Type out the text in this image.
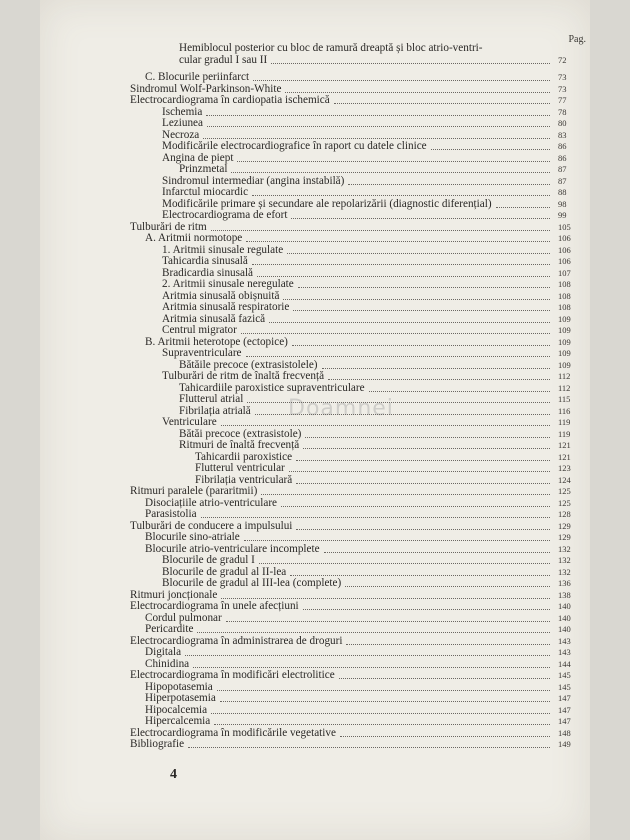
Doamnei
Pag.
Hemiblocul posterior cu bloc de ramură dreaptă și bloc atrio-ventri-
cular gradul I sau II	72
C. Blocurile periinfarct	73
Sindromul Wolf-Parkinson-White	73
Electrocardiograma în cardiopatia ischemică	77
Ischemia	78
Leziunea	80
Necroza	83
Modificările electrocardiografice în raport cu datele clinice	86
Angina de piept	86
Prinzmetal	87
Sindromul intermediar (angina instabilă)	87
Infarctul miocardic	88
Modificările primare și secundare ale repolarizării (diagnostic diferențial)	98
Electrocardiograma de efort	99
Tulburări de ritm	105
A. Aritmii normotope	106
1. Aritmii sinusale regulate	106
Tahicardia sinusală	106
Bradicardia sinusală	107
2. Aritmii sinusale neregulate	108
Aritmia sinusală obișnuită	108
Aritmia sinusală respiratorie	108
Aritmia sinusală fazică	109
Centrul migrator	109
B. Aritmii heterotope (ectopice)	109
Supraventriculare	109
Bătăile precoce (extrasistolele)	109
Tulburări de ritm de înaltă frecvență	112
Tahicardiile paroxistice supraventriculare	112
Flutterul atrial	115
Fibrilația atrială	116
Ventriculare	119
Bătăi precoce (extrasistole)	119
Ritmuri de înaltă frecvență	121
Tahicardii paroxistice	121
Flutterul ventricular	123
Fibrilația ventriculară	124
Ritmuri paralele (pararitmii)	125
Disociațiile atrio-ventriculare	125
Parasistolia	128
Tulburări de conducere a impulsului	129
Blocurile sino-atriale	129
Blocurile atrio-ventriculare incomplete	132
Blocurile de gradul I	132
Blocurile de gradul al II-lea	132
Blocurile de gradul al III-lea (complete)	136
Ritmuri joncționale	138
Electrocardiograma în unele afecțiuni	140
Cordul pulmonar	140
Pericardite	140
Electrocardiograma în administrarea de droguri	143
Digitala	143
Chinidina	144
Electrocardiograma în modificări electrolitice	145
Hipopotasemia	145
Hiperpotasemia	147
Hipocalcemia	147
Hipercalcemia	147
Electrocardiograma în modificările vegetative	148
Bibliografie	149
4
